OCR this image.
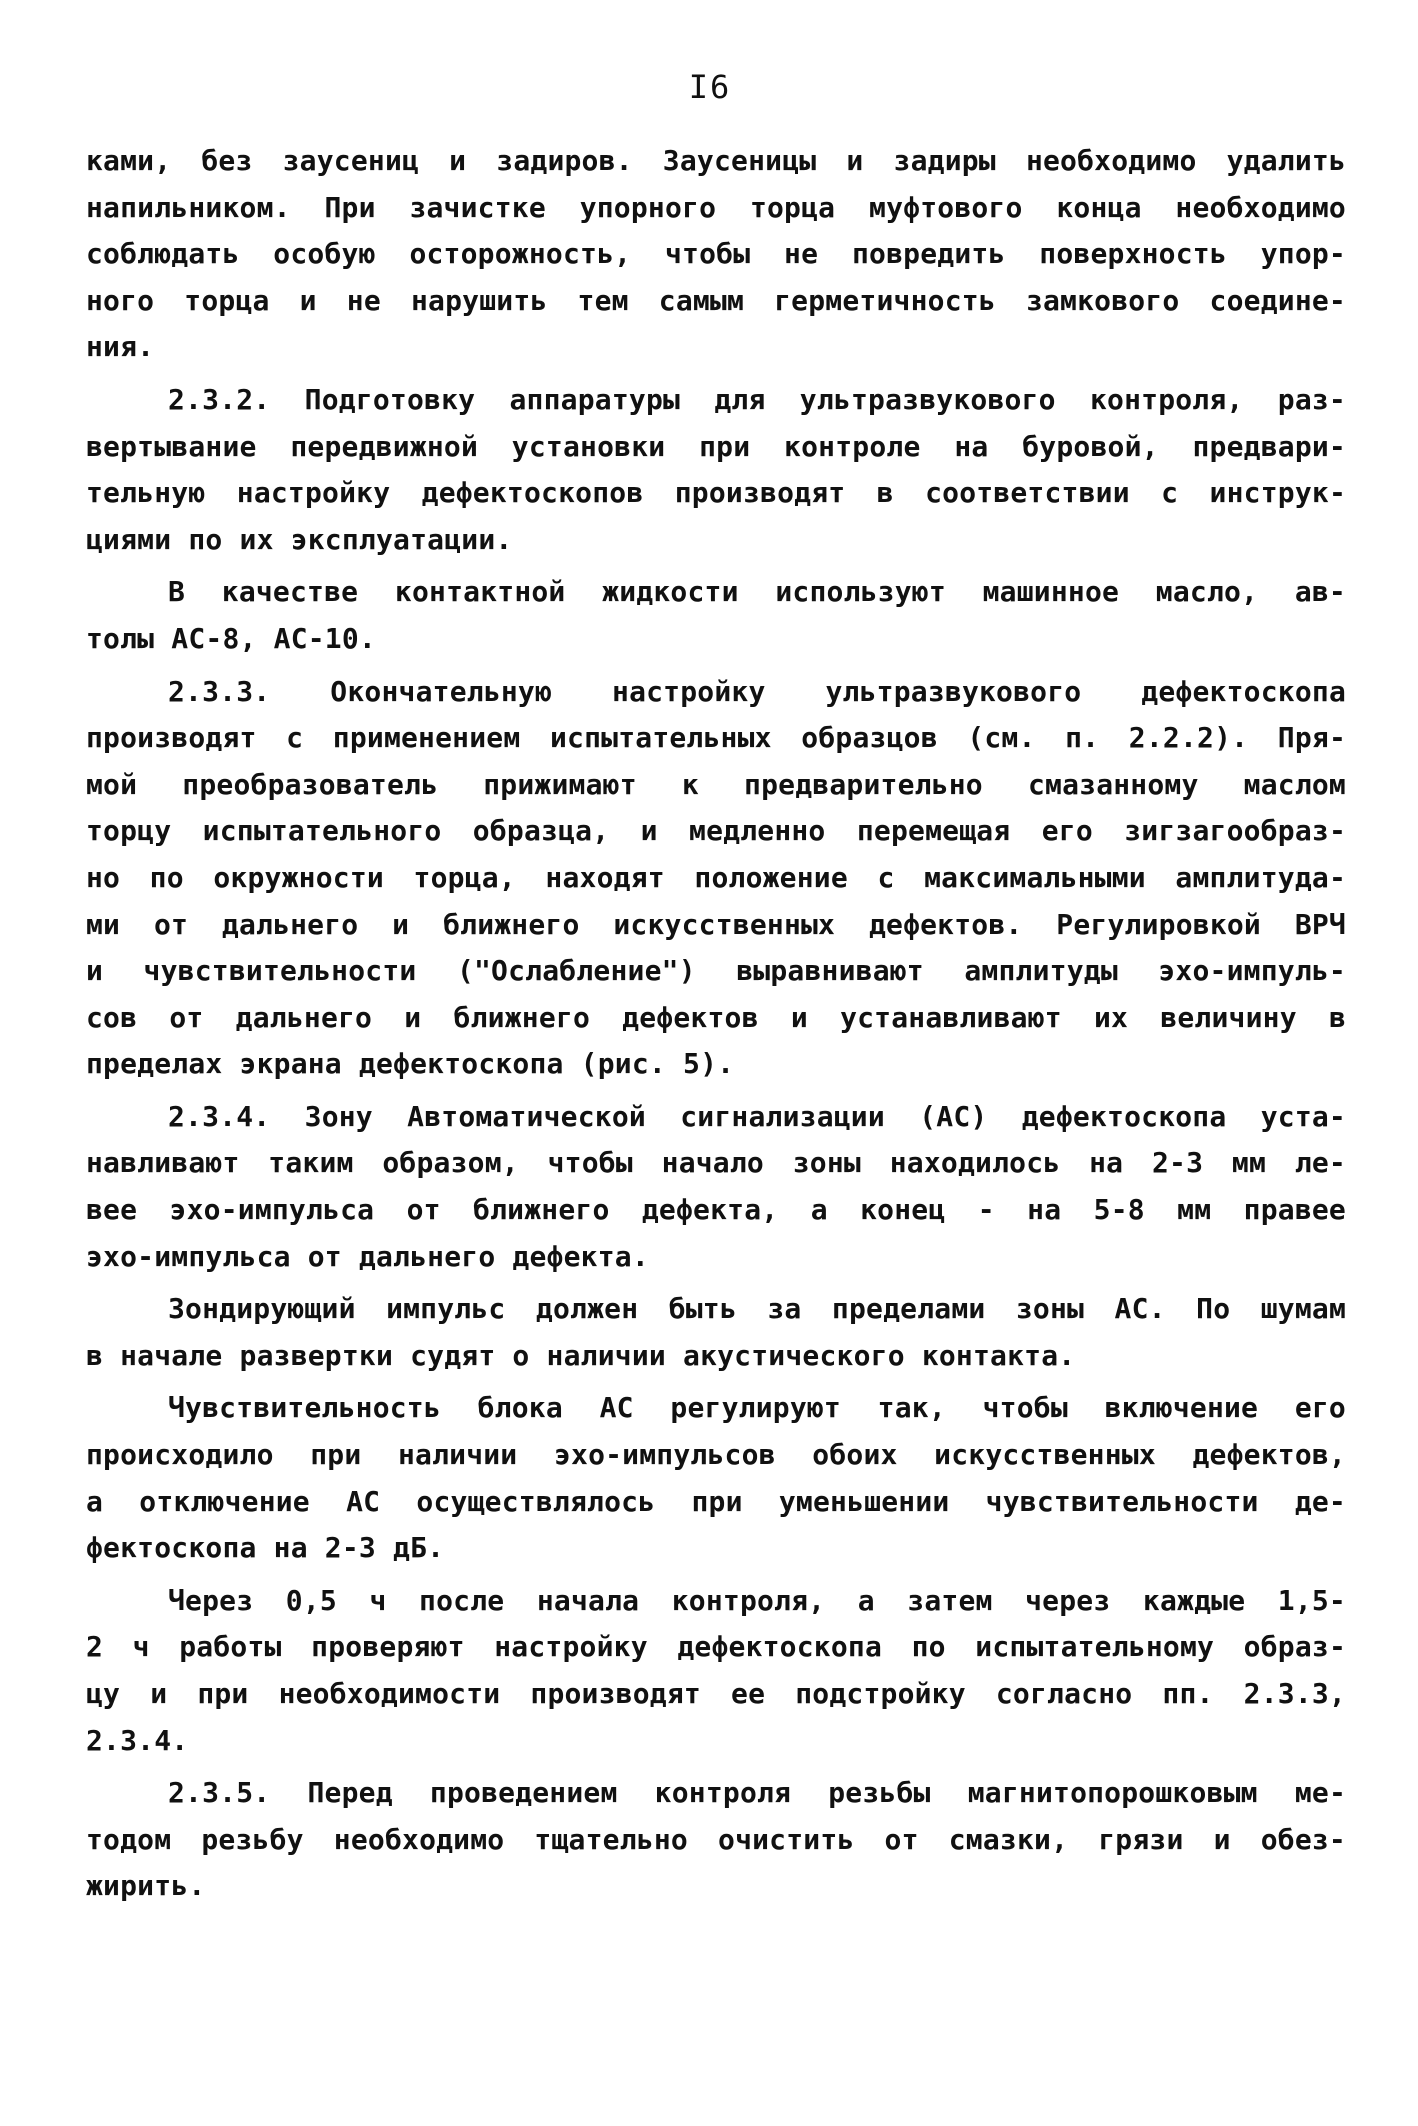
I6
ками, без заусениц и задиров. Заусеницы и задиры необходимо удалить
напильником. При зачистке упорного торца муфтового конца необходимо
соблюдать особую осторожность, чтобы не повредить поверхность упор-
ного торца и не нарушить тем самым герметичность замкового соедине-
ния.
2.3.2. Подготовку аппаратуры для ультразвукового контроля, раз-
вертывание передвижной установки при контроле на буровой, предвари-
тельную настройку дефектоскопов производят в соответствии с инструк-
циями по их эксплуатации.
В качестве контактной жидкости используют машинное масло, ав-
толы АС-8, АС-10.
2.3.3. Окончательную настройку ультразвукового дефектоскопа
производят с применением испытательных образцов (см. п. 2.2.2). Пря-
мой преобразователь прижимают к предварительно смазанному маслом
торцу испытательного образца, и медленно перемещая его зигзагообраз-
но по окружности торца, находят положение с максимальными амплитуда-
ми от дальнего и ближнего искусственных дефектов. Регулировкой ВРЧ
и чувствительности ("Ослабление") выравнивают амплитуды эхо-импуль-
сов от дальнего и ближнего дефектов и устанавливают их величину в
пределах экрана дефектоскопа (рис. 5).
2.3.4. Зону Автоматической сигнализации (АС) дефектоскопа уста-
навливают таким образом, чтобы начало зоны находилось на 2-3 мм ле-
вее эхо-импульса от ближнего дефекта, а конец - на 5-8 мм правее
эхо-импульса от дальнего дефекта.
Зондирующий импульс должен быть за пределами зоны АС. По шумам
в начале развертки судят о наличии акустического контакта.
Чувствительность блока АС регулируют так, чтобы включение его
происходило при наличии эхо-импульсов обоих искусственных дефектов,
а отключение АС осуществлялось при уменьшении чувствительности де-
фектоскопа на 2-3 дБ.
Через 0,5 ч после начала контроля, а затем через каждые 1,5-
2 ч работы проверяют настройку дефектоскопа по испытательному образ-
цу и при необходимости производят ее подстройку согласно пп. 2.3.3,
2.3.4.
2.3.5. Перед проведением контроля резьбы магнитопорошковым ме-
тодом резьбу необходимо тщательно очистить от смазки, грязи и обез-
жирить.
